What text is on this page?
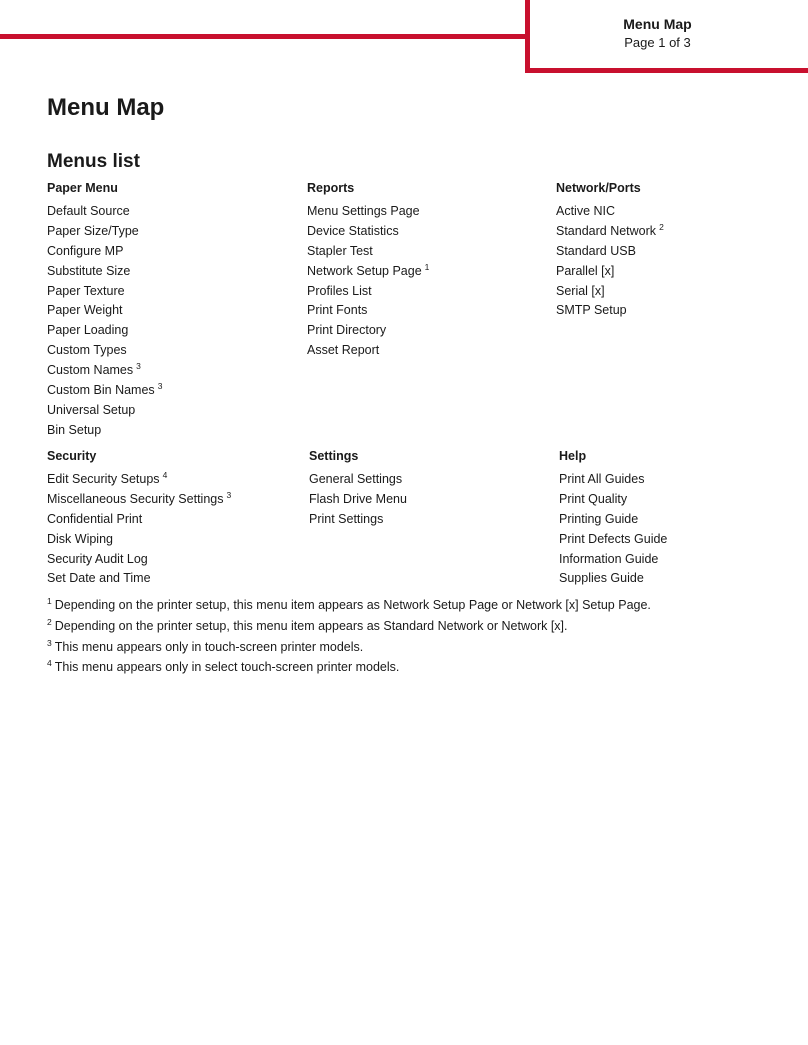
Menu Map
Page 1 of 3
Menu Map
Menus list
Paper Menu
Default Source
Paper Size/Type
Configure MP
Substitute Size
Paper Texture
Paper Weight
Paper Loading
Custom Types
Custom Names $^3$
Custom Bin Names $^3$
Universal Setup
Bin Setup
Reports
Menu Settings Page
Device Statistics
Stapler Test
Network Setup Page $^1$
Profiles List
Print Fonts
Print Directory
Asset Report
Network/Ports
Active NIC
Standard Network $^2$
Standard USB
Parallel [x]
Serial [x]
SMTP Setup
Security
Edit Security Setups $^4$
Miscellaneous Security Settings $^3$
Confidential Print
Disk Wiping
Security Audit Log
Set Date and Time
Settings
General Settings
Flash Drive Menu
Print Settings
Help
Print All Guides
Print Quality
Printing Guide
Print Defects Guide
Information Guide
Supplies Guide
$^1$ Depending on the printer setup, this menu item appears as Network Setup Page or Network [x] Setup Page.
$^2$ Depending on the printer setup, this menu item appears as Standard Network or Network [x].
$^3$ This menu appears only in touch-screen printer models.
$^4$ This menu appears only in select touch-screen printer models.
